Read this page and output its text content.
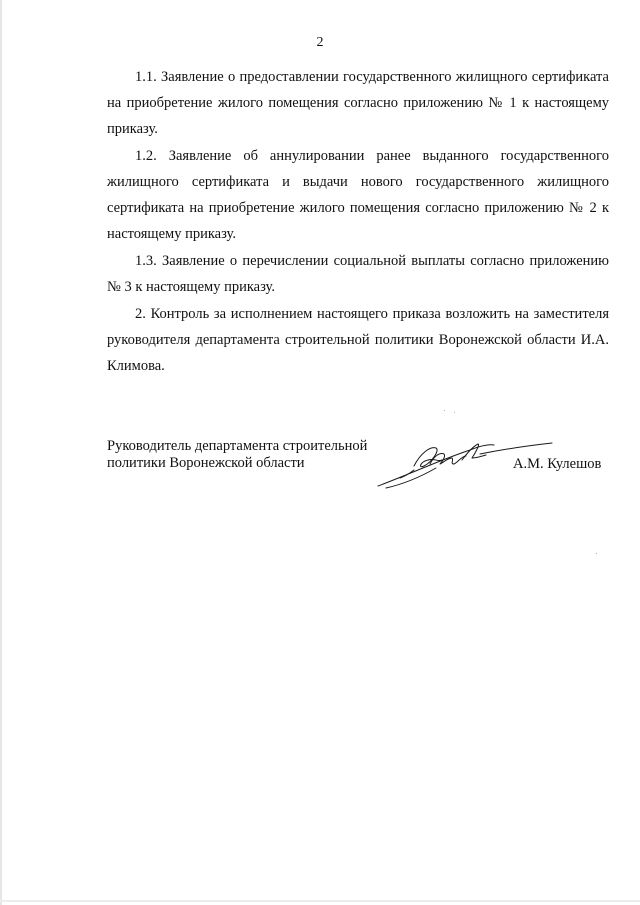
2

1.1. Заявление о предоставлении государственного жилищного сертификата на приобретение жилого помещения согласно приложению № 1 к настоящему приказу.

1.2. Заявление об аннулировании ранее выданного государственного жилищного сертификата и выдачи нового государственного жилищного сертификата на приобретение жилого помещения согласно приложению № 2 к настоящему приказу.

1.3. Заявление о перечислении социальной выплаты согласно приложению № 3 к настоящему приказу.

2. Контроль за исполнением настоящего приказа возложить на заместителя руководителя департамента строительной политики Воронежской области И.А. Климова.

Руководитель департамента строительной
политики Воронежской области	А.М. Кулешов
